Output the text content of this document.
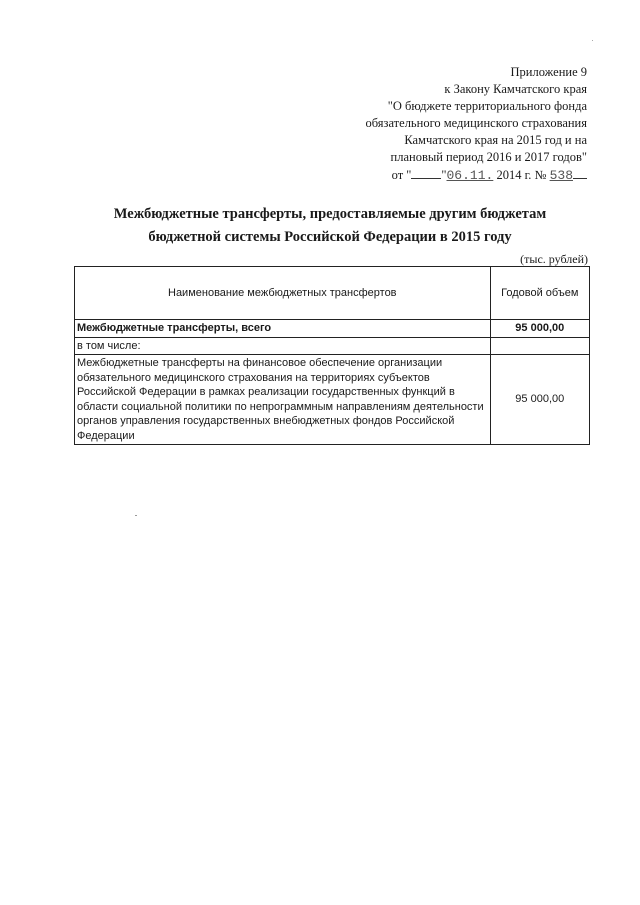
Приложение 9
к Закону Камчатского края
"О бюджете территориального фонда
обязательного медицинского страхования
Камчатского края на 2015 год и на
плановый период 2016 и 2017 годов"
от " "06.11. 2014 г. № 538
Межбюджетные трансферты, предоставляемые другим бюджетам
бюджетной системы Российской Федерации в 2015 году
(тыс. рублей)
Наименование межбюджетных трансфертов	Годовой объем
Межбюджетные трансферты, всего	95 000,00
в том числе:	
Межбюджетные трансферты на финансовое обеспечение организации обязательного медицинского страхования на территориях субъектов Российской Федерации в рамках реализации государственных функций в области социальной политики по непрограммным направлениям деятельности органов управления государственных внебюджетных фондов Российской Федерации	95 000,00
